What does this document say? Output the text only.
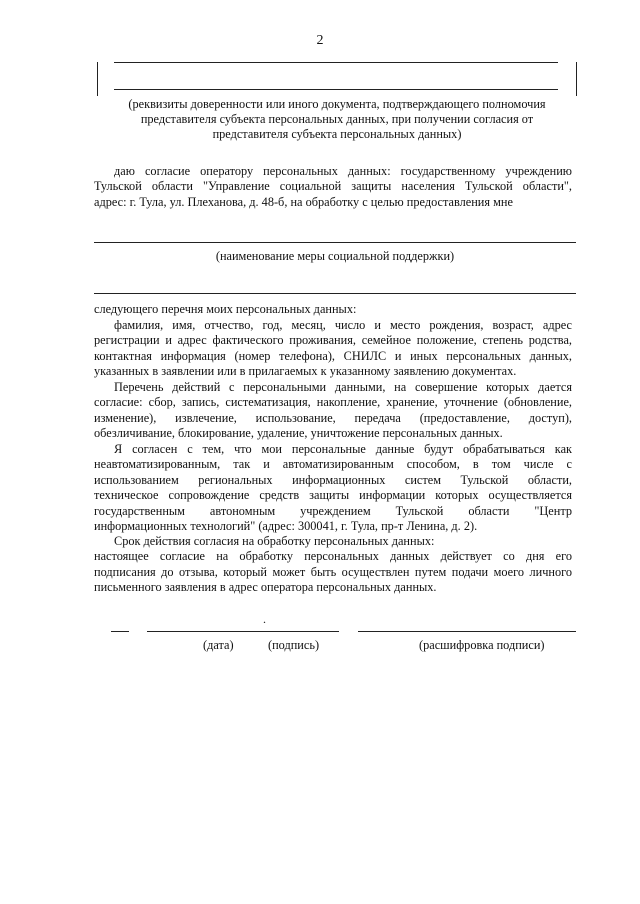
2
(реквизиты доверенности или иного документа, подтверждающего полномочия
представителя субъекта персональных данных, при получении согласия от
представителя субъекта персональных данных)
даю согласие оператору персональных данных: государственному учреждению
Тульской области "Управление социальной защиты населения Тульской области",
адрес: г. Тула, ул. Плеханова, д. 48-б, на обработку с целью предоставления мне
(наименование меры социальной поддержки)
следующего перечня моих персональных данных:
фамилия, имя, отчество, год, месяц, число и место рождения, возраст, адрес
регистрации и адрес фактического проживания, семейное положение, степень родства,
контактная информация (номер телефона), СНИЛС и иных персональных данных,
указанных в заявлении или в прилагаемых к указанному заявлению документах.
Перечень действий с персональными данными, на совершение которых дается
согласие: сбор, запись, систематизация, накопление, хранение, уточнение (обновление,
изменение), извлечение, использование, передача (предоставление, доступ),
обезличивание, блокирование, удаление, уничтожение персональных данных.
Я согласен с тем, что мои персональные данные будут обрабатываться как
неавтоматизированным, так и автоматизированным способом, в том числе с
использованием региональных информационных систем Тульской области,
техническое сопровождение средств защиты информации которых осуществляется
государственным автономным учреждением Тульской области "Центр
информационных технологий" (адрес: 300041, г. Тула, пр-т Ленина, д. 2).
Срок действия согласия на обработку персональных данных:
настоящее согласие на обработку персональных данных действует со дня его
подписания до отзыва, который может быть осуществлен путем подачи моего личного
письменного заявления в адрес оператора персональных данных.
.
(дата)	(подпись)	(расшифровка подписи)
